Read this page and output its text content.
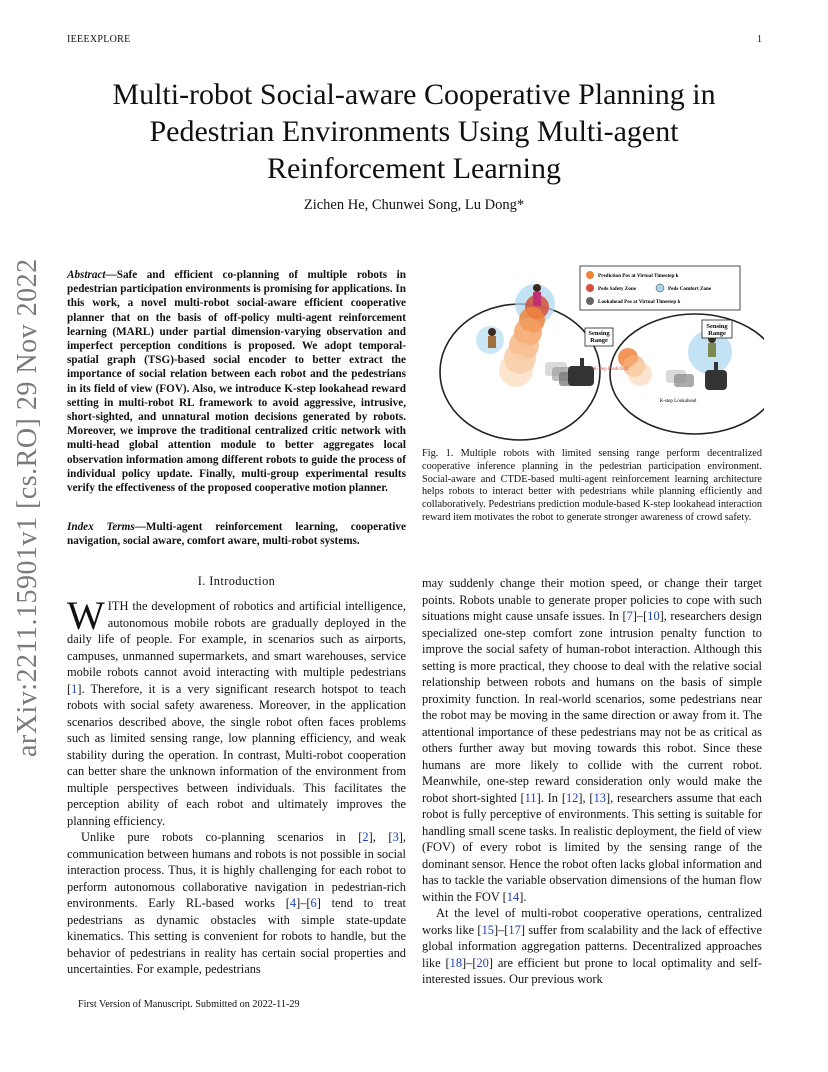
IEEEXPLORE	1
arXiv:2211.15901v1 [cs.RO] 29 Nov 2022
Multi-robot Social-aware Cooperative Planning in Pedestrian Environments Using Multi-agent Reinforcement Learning
Zichen He, Chunwei Song, Lu Dong*
Abstract—Safe and efficient co-planning of multiple robots in pedestrian participation environments is promising for applications. In this work, a novel multi-robot social-aware efficient cooperative planner that on the basis of off-policy multi-agent reinforcement learning (MARL) under partial dimension-varying observation and imperfect perception conditions is proposed. We adopt temporal-spatial graph (TSG)-based social encoder to better extract the importance of social relation between each robot and the pedestrians in its field of view (FOV). Also, we introduce K-step lookahead reward setting in multi-robot RL framework to avoid aggressive, intrusive, short-sighted, and unnatural motion decisions generated by robots. Moreover, we improve the traditional centralized critic network with multi-head global attention module to better aggregates local observation information among different robots to guide the process of individual policy update. Finally, multi-group experimental results verify the effectiveness of the proposed cooperative motion planner.
Index Terms—Multi-agent reinforcement learning, cooperative navigation, social aware, comfort aware, multi-robot systems.
Sensing Range
Sensing Range
K-step Prediction
K-step Lookahead
Prediction Pos at Virtual Timestep k
Peds Safety Zone	Peds Comfort Zone
Lookahead Pos at Virtual Timestep k
Fig. 1. Multiple robots with limited sensing range perform decentralized cooperative inference planning in the pedestrian participation environment. Social-aware and CTDE-based multi-agent reinforcement learning architecture helps robots to interact better with pedestrians while planning efficiently and collaboratively. Pedestrians prediction module-based K-step lookahead interaction reward item motivates the robot to generate stronger awareness of crowd safety.
I. Introduction

WITH the development of robotics and artificial intelligence, autonomous mobile robots are gradually deployed in the daily life of people. For example, in scenarios such as airports, campuses, unmanned supermarkets, and smart warehouses, service mobile robots cannot avoid interacting with multiple pedestrians [1]. Therefore, it is a very significant research hotspot to teach robots with social safety awareness. Moreover, in the application scenarios described above, the single robot often faces problems such as limited sensing range, low planning efficiency, and weak stability during the operation. In contrast, Multi-robot cooperation can better share the unknown information of the environment from multiple perspectives between individuals. This facilitates the perception ability of each robot and ultimately improves the planning efficiency.

Unlike pure robots co-planning scenarios in [2], [3], communication between humans and robots is not possible in social interaction process. Thus, it is highly challenging for each robot to perform autonomous collaborative navigation in pedestrian-rich environments. Early RL-based works [4]–[6] tend to treat pedestrians as dynamic obstacles with simple state-update kinematics. This setting is convenient for robots to handle, but the behavior of pedestrians in reality has certain social properties and uncertainties. For example, pedestrians

may suddenly change their motion speed, or change their target points. Robots unable to generate proper policies to cope with such situations might cause unsafe issues. In [7]–[10], researchers design specialized one-step comfort zone intrusion penalty function to improve the social safety of human-robot interaction. Although this setting is more practical, they choose to deal with the relative social relationship between robots and humans on the basis of simple proximity function. In real-world scenarios, some pedestrians near the robot may be moving in the same direction or away from it. The attentional importance of these pedestrians may not be as critical as others further away but moving towards this robot. Since these humans are more likely to collide with the current robot. Meanwhile, one-step reward consideration only would make the robot short-sighted [11]. In [12], [13], researchers assume that each robot is fully perceptive of environments. This setting is suitable for handling small scene tasks. In realistic deployment, the field of view (FOV) of every robot is limited by the sensing range of the dominant sensor. Hence the robot often lacks global information and has to tackle the variable observation dimensions of the human flow within the FOV [14].

At the level of multi-robot cooperative operations, centralized works like [15]–[17] suffer from scalability and the lack of effective global information aggregation patterns. Decentralized approaches like [18]–[20] are efficient but prone to local optimality and self-interested issues. Our previous work

First Version of Manuscript. Submitted on 2022-11-29
